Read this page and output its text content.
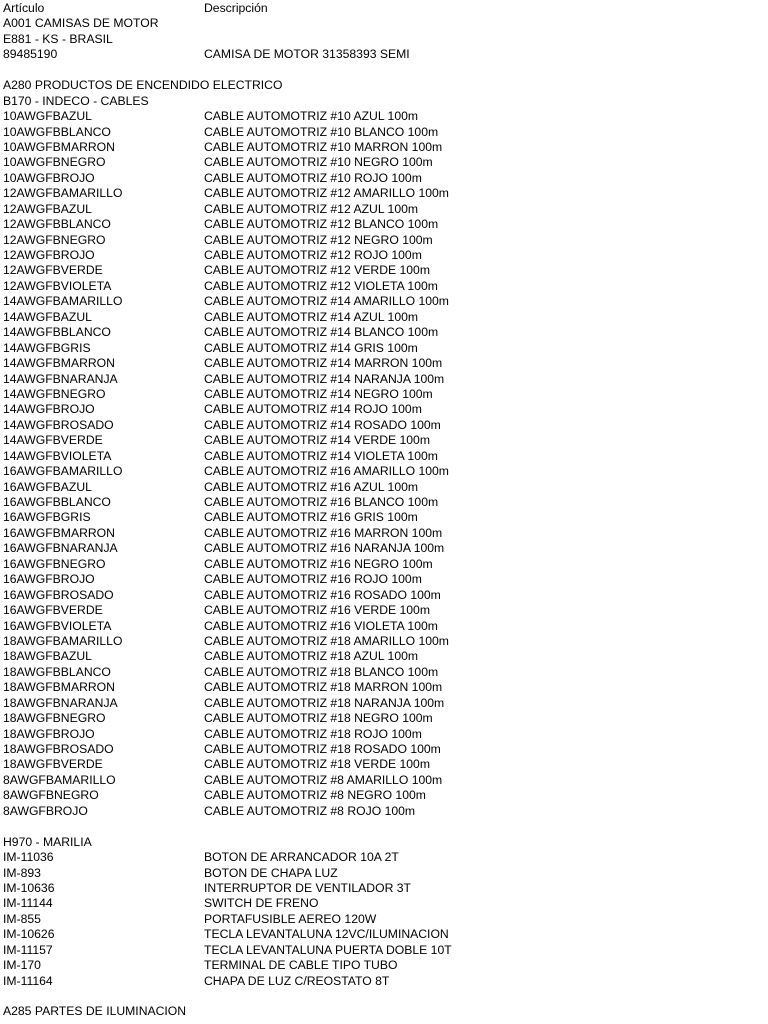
Artículo	Descripción
A001 CAMISAS DE MOTOR
E881 - KS - BRASIL
89485190	CAMISA DE MOTOR 31358393 SEMI
A280 PRODUCTOS DE ENCENDIDO ELECTRICO
B170 - INDECO - CABLES
10AWGFBAZUL	CABLE AUTOMOTRIZ #10 AZUL 100m
10AWGFBBLANCO	CABLE AUTOMOTRIZ #10 BLANCO 100m
10AWGFBMARRON	CABLE AUTOMOTRIZ #10 MARRON 100m
10AWGFBNEGRO	CABLE AUTOMOTRIZ #10 NEGRO 100m
10AWGFBROJO	CABLE AUTOMOTRIZ #10 ROJO 100m
12AWGFBAMARILLO	CABLE AUTOMOTRIZ #12 AMARILLO 100m
12AWGFBAZUL	CABLE AUTOMOTRIZ #12 AZUL 100m
12AWGFBBLANCO	CABLE AUTOMOTRIZ #12 BLANCO 100m
12AWGFBNEGRO	CABLE AUTOMOTRIZ #12 NEGRO 100m
12AWGFBROJO	CABLE AUTOMOTRIZ #12 ROJO 100m
12AWGFBVERDE	CABLE AUTOMOTRIZ #12 VERDE 100m
12AWGFBVIOLETA	CABLE AUTOMOTRIZ #12 VIOLETA 100m
14AWGFBAMARILLO	CABLE AUTOMOTRIZ #14 AMARILLO 100m
14AWGFBAZUL	CABLE AUTOMOTRIZ #14 AZUL 100m
14AWGFBBLANCO	CABLE AUTOMOTRIZ #14 BLANCO 100m
14AWGFBGRIS	CABLE AUTOMOTRIZ #14 GRIS 100m
14AWGFBMARRON	CABLE AUTOMOTRIZ #14 MARRON 100m
14AWGFBNARANJA	CABLE AUTOMOTRIZ #14 NARANJA 100m
14AWGFBNEGRO	CABLE AUTOMOTRIZ #14 NEGRO 100m
14AWGFBROJO	CABLE AUTOMOTRIZ #14 ROJO 100m
14AWGFBROSADO	CABLE AUTOMOTRIZ #14 ROSADO 100m
14AWGFBVERDE	CABLE AUTOMOTRIZ #14 VERDE 100m
14AWGFBVIOLETA	CABLE AUTOMOTRIZ #14 VIOLETA 100m
16AWGFBAMARILLO	CABLE AUTOMOTRIZ #16 AMARILLO 100m
16AWGFBAZUL	CABLE AUTOMOTRIZ #16 AZUL 100m
16AWGFBBLANCO	CABLE AUTOMOTRIZ #16 BLANCO 100m
16AWGFBGRIS	CABLE AUTOMOTRIZ #16 GRIS 100m
16AWGFBMARRON	CABLE AUTOMOTRIZ #16 MARRON 100m
16AWGFBNARANJA	CABLE AUTOMOTRIZ #16 NARANJA 100m
16AWGFBNEGRO	CABLE AUTOMOTRIZ #16 NEGRO 100m
16AWGFBROJO	CABLE AUTOMOTRIZ #16 ROJO 100m
16AWGFBROSADO	CABLE AUTOMOTRIZ #16 ROSADO 100m
16AWGFBVERDE	CABLE AUTOMOTRIZ #16 VERDE 100m
16AWGFBVIOLETA	CABLE AUTOMOTRIZ #16 VIOLETA 100m
18AWGFBAMARILLO	CABLE AUTOMOTRIZ #18 AMARILLO 100m
18AWGFBAZUL	CABLE AUTOMOTRIZ #18 AZUL 100m
18AWGFBBLANCO	CABLE AUTOMOTRIZ #18 BLANCO 100m
18AWGFBMARRON	CABLE AUTOMOTRIZ #18 MARRON 100m
18AWGFBNARANJA	CABLE AUTOMOTRIZ #18 NARANJA 100m
18AWGFBNEGRO	CABLE AUTOMOTRIZ #18 NEGRO 100m
18AWGFBROJO	CABLE AUTOMOTRIZ #18 ROJO 100m
18AWGFBROSADO	CABLE AUTOMOTRIZ #18 ROSADO 100m
18AWGFBVERDE	CABLE AUTOMOTRIZ #18 VERDE 100m
8AWGFBAMARILLO	CABLE AUTOMOTRIZ #8 AMARILLO 100m
8AWGFBNEGRO	CABLE AUTOMOTRIZ #8 NEGRO 100m
8AWGFBROJO	CABLE AUTOMOTRIZ #8 ROJO 100m
H970 - MARILIA
IM-11036	BOTON DE ARRANCADOR 10A 2T
IM-893	BOTON DE CHAPA LUZ
IM-10636	INTERRUPTOR DE VENTILADOR 3T
IM-11144	SWITCH DE FRENO
IM-855	PORTAFUSIBLE AEREO 120W
IM-10626	TECLA LEVANTALUNA 12VC/ILUMINACION
IM-11157	TECLA LEVANTALUNA PUERTA DOBLE 10T
IM-170	TERMINAL DE CABLE TIPO TUBO
IM-11164	CHAPA DE LUZ C/REOSTATO 8T
A285 PARTES DE ILUMINACION
